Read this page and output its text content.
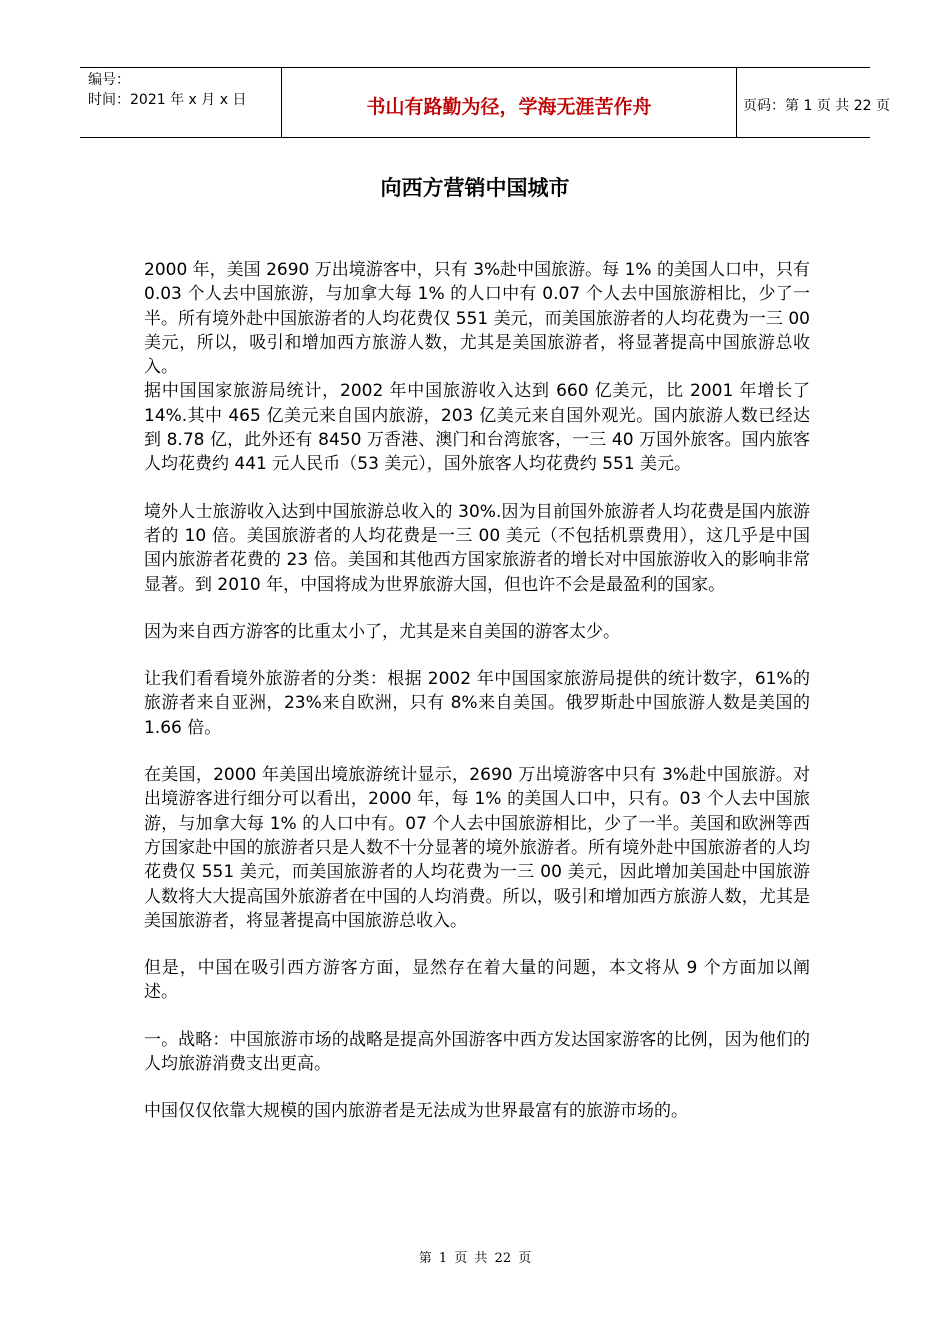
编号：
时间：2021 年 x 月 x 日	书山有路勤为径，学海无涯苦作舟	页码：第 1 页 共 22 页
向西方营销中国城市

2000 年，美国 2690 万出境游客中，只有 3%赴中国旅游。每 1% 的美国人口中，只有 0.03 个人去中国旅游，与加拿大每 1% 的人口中有 0.07 个人去中国旅游相比，少了一半。所有境外赴中国旅游者的人均花费仅 551 美元，而美国旅游者的人均花费为一三 00 美元，所以，吸引和增加西方旅游人数，尤其是美国旅游者，将显著提高中国旅游总收入。

据中国国家旅游局统计，2002 年中国旅游收入达到 660 亿美元，比 2001 年增长了 14%.其中 465 亿美元来自国内旅游，203 亿美元来自国外观光。国内旅游人数已经达到 8.78 亿，此外还有 8450 万香港、澳门和台湾旅客，一三 40 万国外旅客。国内旅客人均花费约 441 元人民币（53 美元），国外旅客人均花费约 551 美元。

境外人士旅游收入达到中国旅游总收入的 30%.因为目前国外旅游者人均花费是国内旅游者的 10 倍。美国旅游者的人均花费是一三 00 美元（不包括机票费用），这几乎是中国国内旅游者花费的 23 倍。美国和其他西方国家旅游者的增长对中国旅游收入的影响非常显著。到 2010 年，中国将成为世界旅游大国，但也许不会是最盈利的国家。

因为来自西方游客的比重太小了，尤其是来自美国的游客太少。

让我们看看境外旅游者的分类：根据 2002 年中国国家旅游局提供的统计数字，61%的旅游者来自亚洲，23%来自欧洲，只有 8%来自美国。俄罗斯赴中国旅游人数是美国的 1.66 倍。

在美国，2000 年美国出境旅游统计显示，2690 万出境游客中只有 3%赴中国旅游。对出境游客进行细分可以看出，2000 年，每 1% 的美国人口中，只有。03 个人去中国旅游，与加拿大每 1% 的人口中有。07 个人去中国旅游相比，少了一半。美国和欧洲等西方国家赴中国的旅游者只是人数不十分显著的境外旅游者。所有境外赴中国旅游者的人均花费仅 551 美元，而美国旅游者的人均花费为一三 00 美元，因此增加美国赴中国旅游人数将大大提高国外旅游者在中国的人均消费。所以，吸引和增加西方旅游人数，尤其是美国旅游者，将显著提高中国旅游总收入。

但是，中国在吸引西方游客方面，显然存在着大量的问题，本文将从 9 个方面加以阐述。

一。战略：中国旅游市场的战略是提高外国游客中西方发达国家游客的比例，因为他们的人均旅游消费支出更高。

中国仅仅依靠大规模的国内旅游者是无法成为世界最富有的旅游市场的。

第 1 页 共 22 页
